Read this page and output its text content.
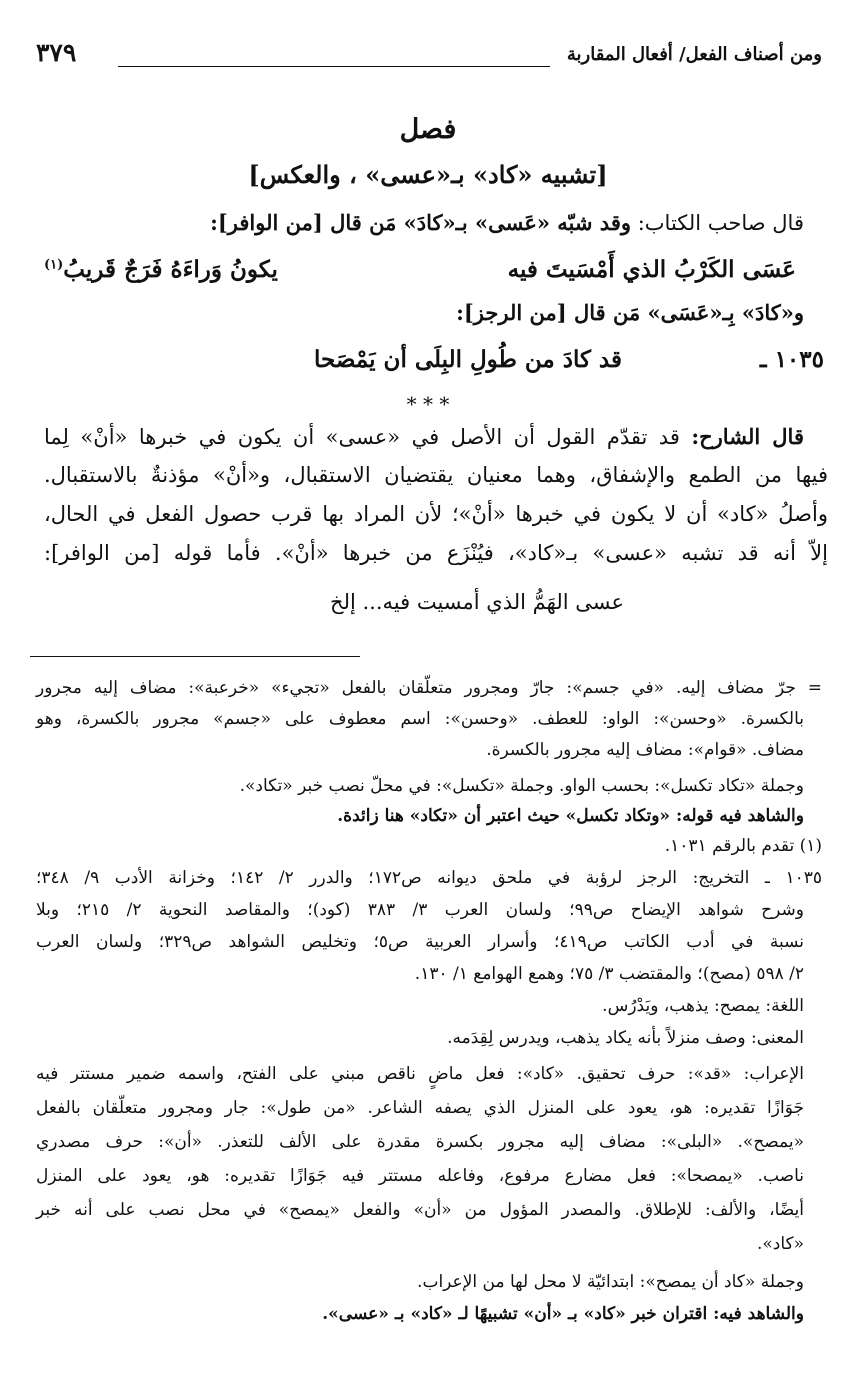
ومن أصناف الفعل/ أفعال المقاربة
٣٧٩
فصل
[تشبيه «كاد» بـ«عسى» ، والعكس]
قال صاحب الكتاب: وقد شبّه «عَسى» بـ«كادَ» مَن قال [من الوافر]:
عَسَى الكَرْبُ الذي أَمْسَيتَ فيه
يكونُ وَراءَهُ فَرَجٌ قَريبُ$^{(١)}$
و«كادَ» بِـ«عَسَى» مَن قال [من الرجز]:
١٠٣٥ ـ
قد كادَ من طُولِ البِلَى أن يَمْصَحا
* * *
قال الشارح: قد تقدّم القول أن الأصل في «عسى» أن يكون في خبرها «أنْ» لِما
فيها من الطمع والإشفاق، وهما معنيان يقتضيان الاستقبال، و«أنْ» مؤذنةٌ بالاستقبال.
وأصلُ «كاد» أن لا يكون في خبرها «أنْ»؛ لأن المراد بها قرب حصول الفعل في الحال،
إلاّ أنه قد تشبه «عسى» بـ«كاد»، فيُنْزَع من خبرها «أنْ». فأما قوله [من الوافر]:
عسى الهَمُّ الذي أمسيت فيه... إلخ
= جرّ مضاف إليه. «في جسم»: جارّ ومجرور متعلّقان بالفعل «تجيء» «خرعبة»: مضاف إليه مجرور
بالكسرة. «وحسن»: الواو: للعطف. «وحسن»: اسم معطوف على «جسم» مجرور بالكسرة، وهو
مضاف. «قوام»: مضاف إليه مجرور بالكسرة.
وجملة «تكاد تكسل»: بحسب الواو. وجملة «تكسل»: في محلّ نصب خبر «تكاد».
والشاهد فيه قوله: «وتكاد تكسل» حيث اعتبر أن «تكاد» هنا زائدة.
(١) تقدم بالرقم ١٠٣١.
١٠٣٥ ـ التخريج: الرجز لرؤبة في ملحق ديوانه ص١٧٢؛ والدرر ٢/ ١٤٢؛ وخزانة الأدب ٩/ ٣٤٨؛
وشرح شواهد الإيضاح ص٩٩؛ ولسان العرب ٣/ ٣٨٣ (كود)؛ والمقاصد النحوية ٢/ ٢١٥؛ وبلا
نسبة في أدب الكاتب ص٤١٩؛ وأسرار العربية ص٥؛ وتخليص الشواهد ص٣٢٩؛ ولسان العرب
٢/ ٥٩٨ (مصح)؛ والمقتضب ٣/ ٧٥؛ وهمع الهوامع ١/ ١٣٠.
اللغة: يمصح: يذهب، ويَدْرُس.
المعنى: وصف منزلاً بأنه يكاد يذهب، ويدرس لِقِدَمه.
الإعراب: «قد»: حرف تحقيق. «كاد»: فعل ماضٍ ناقص مبني على الفتح، واسمه ضمير مستتر فيه
جَوَازًا تقديره: هو، يعود على المنزل الذي يصفه الشاعر. «من طول»: جار ومجرور متعلّقان بالفعل
«يمصح». «البلى»: مضاف إليه مجرور بكسرة مقدرة على الألف للتعذر. «أن»: حرف مصدري
ناصب. «يمصحا»: فعل مضارع مرفوع، وفاعله مستتر فيه جَوَازًا تقديره: هو، يعود على المنزل
أيضًا، والألف: للإطلاق. والمصدر المؤول من «أن» والفعل «يمصح» في محل نصب على أنه خبر
«كاد».
وجملة «كاد أن يمصح»: ابتدائيّة لا محل لها من الإعراب.
والشاهد فيه: اقتران خبر «كاد» بـ «أن» تشبيهًا لـ «كاد» بـ «عسى».
